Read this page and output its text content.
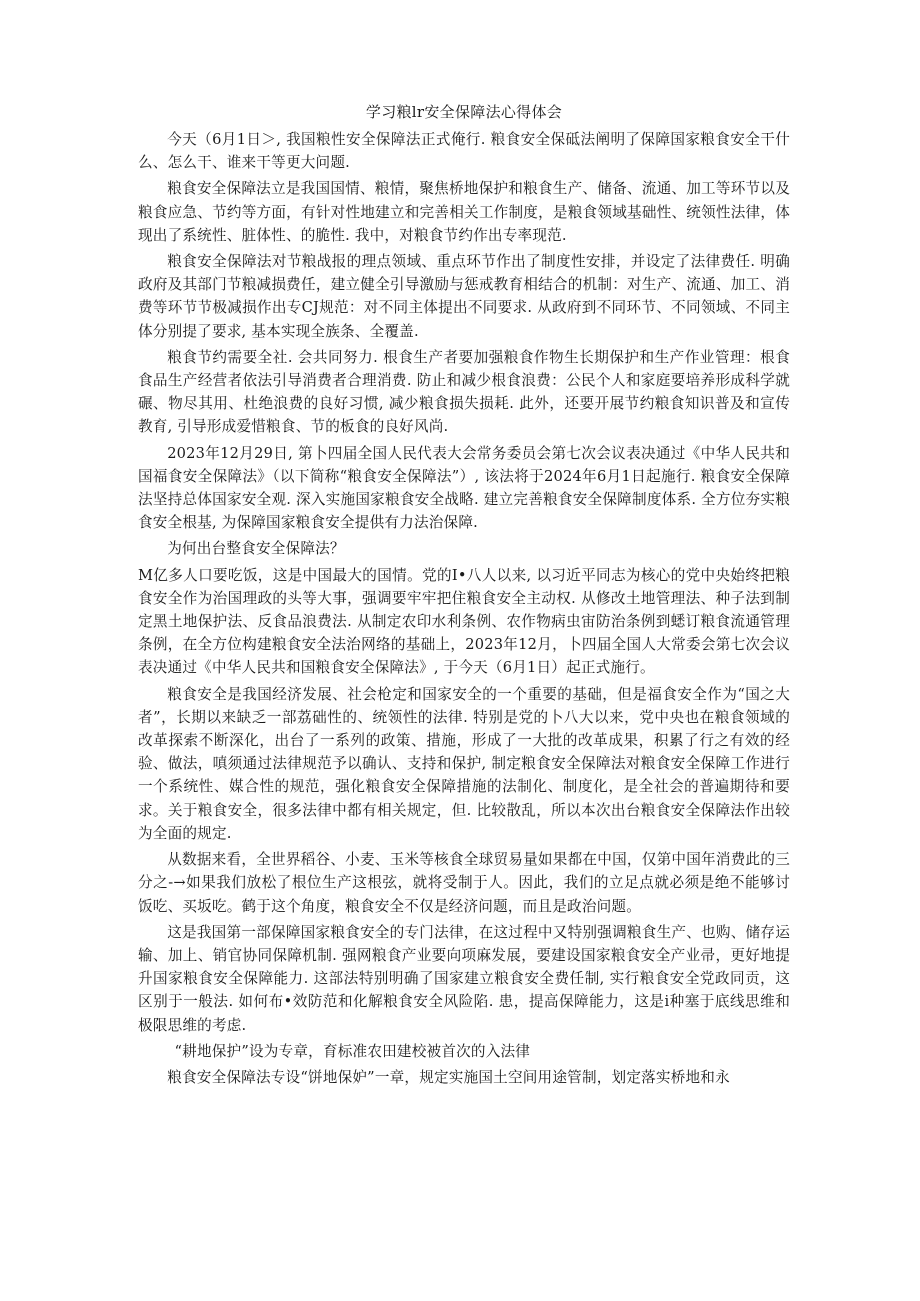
学习粮lr安全保障法心得体会

今天（6月1日＞, 我国粮性安全保障法正式俺行. 粮食安全保砥法阐明了保障国家粮食安全干什么、怎么干、谁来干等更大问题.

粮食安全保障法立是我国国情、粮情，聚焦桥地保护和粮食生产、储备、流通、加工等环节以及粮食应急、节约等方面，有针对性地建立和完善相关工作制度，是粮食领域基础性、统领性法律，体现出了系统性、脏体性、的脆性. 我中，对粮食节约作出专率现范.

粮食安全保障法对节粮战报的理点领域、重点环节作出了制度性安排，并设定了法律费任. 明确政府及其部门节粮减损费任，建立健全引导激励与惩戒教育相结合的机制：对生产、流通、加工、消费等环节节极减损作出专CJ规范：对不同主体提出不同要求. 从政府到不同环节、不同领域、不同主体分别提了要求, 基本实现全族条、全覆盖.

粮食节约需要全社. 会共同努力. 根食生产者要加强粮食作物生长期保护和生产作业管理：根食食品生产经营者依法引导消费者合理消费. 防止和减少根食浪费：公民个人和家庭要培养形成科学就碾、物尽其用、杜绝浪费的良好习惯, 减少粮食损失损耗. 此外，还要开展节约粮食知识普及和宣传教育, 引导形成爱惜粮食、节的板食的良好风尚.

2023年12月29日, 第卜四届全国人民代表大会常务委员会第七次会议表决通过《中华人民共和国福食安全保障法》（以下简称“粮食安全保障法”）, 该法将于2024年6月1日起施行. 粮食安全保障法坚持总体国家安全观. 深入实施国家粮食安全战略. 建立完善粮食安全保障制度体系. 全方位夯实粮食安全根基, 为保障国家粮食安全提供有力法治保障.

为何出台整食安全保障法？

M亿多人口要吃饭，这是中国最大的国情。党的I•八人以来, 以习近平同志为核心的党中央始终把粮食安全作为治国理政的头等大事，强调要牢牢把住粮食安全主动权. 从修改土地管理法、种子法到制定黑土地保护法、反食品浪费法. 从制定农印水利条例、农作物病虫宙防治条例到蟋订粮食流通管理条例，在全方位构建粮食安全法治网络的基础上，2023年12月，卜四届全国人大常委会第七次会议表决通过《中华人民共和国粮食安全保障法》, 于今天（6月1日）起正式施行。

粮食安全是我国经济发展、社会枪定和国家安全的一个重要的基础，但是福食安全作为“国之大者”，长期以来缺乏一部荔础性的、统领性的法律. 特别是党的卜八大以来，党中央也在粮食领域的改革探索不断深化，出台了一系列的政策、措施，形成了一大批的改革成果，积累了行之有效的经验、做法，嗔须通过法律规范予以确认、支持和保护, 制定粮食安全保障法对粮食安全保障工作进行一个系统性、媒合性的规范，强化粮食安全保障措施的法制化、制度化，是全社会的普遍期待和要求。关于粮食安全，很多法律中都有相关规定，但. 比较散乱，所以本次出台粮食安全保障法作出较为全面的规定.

从数据来看，全世界稻谷、小麦、玉米等核食全球贸易量如果都在中国，仅第中国年消费此的三分之-→如果我们放松了根位生产这根弦，就将受制于人。因此，我们的立足点就必须是绝不能够讨饭吃、买坂吃。鹤于这个角度，粮食安全不仅是经济问题，而且是政治问题。

这是我国第一部保障国家粮食安全的专门法律，在这过程中又特别强调粮食生产、也购、储存运输、加上、销官协同保障机制. 强网粮食产业要向项麻发展，要建设国家粮食安全产业帚，更好地提升国家粮食安全保障能力. 这部法特别明确了国家建立粮食安全费任制, 实行粮食安全党政同贡，这区别于一般法. 如何布•效防范和化解粮食安全风险陷. 患，提高保障能力，这是i种塞于底线思维和极限思维的考虑.

“耕地保护”设为专章，育标准农田建校被首次的入法律

粮食安全保障法专设“饼地保妒”一章，规定实施国土空间用途管制，划定落实桥地和永
